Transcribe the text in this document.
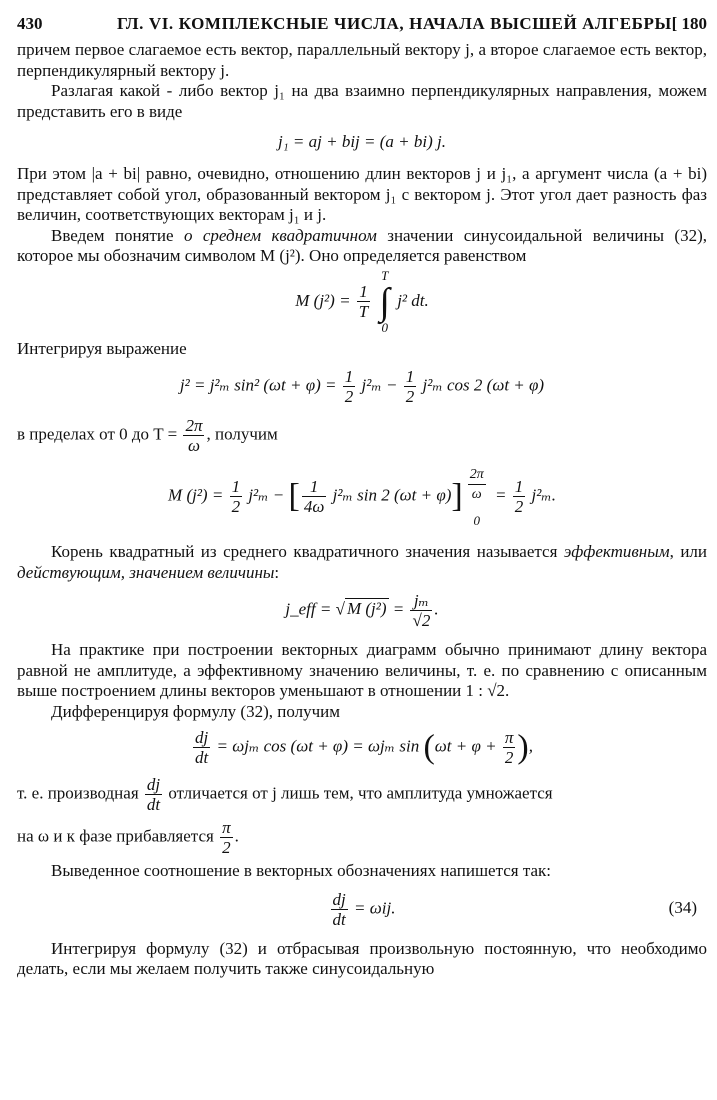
430	ГЛ. VI. КОМПЛЕКСНЫЕ ЧИСЛА, НАЧАЛА ВЫСШЕЙ АЛГЕБРЫ [ 180

причем первое слагаемое есть вектор, параллельный вектору j, а второе слагаемое есть вектор, перпендикулярный вектору j.

Разлагая какой - либо вектор j₁ на два взаимно перпендикулярных направления, можем представить его в виде

j₁ = aj + bij = (a + bi) j.

При этом |a + bi| равно, очевидно, отношению длин векторов j и j₁, а аргумент числа (a + bi) представляет собой угол, образованный вектором j₁ с вектором j. Этот угол дает разность фаз величин, соответствующих векторам j₁ и j.

Введем понятие о среднем квадратичном значении синусоидальной величины (32), которое мы обозначим символом M (j²). Оно определяется равенством

M $(j^2) = \frac{1}{T}$

T
∫
0
j² dt.

Интегрируя выражение

j² = j²ₘ sin² $(\omega t + \varphi) = \frac{1}{2} j^2_m - \frac{1}{2} j^2_m$ cos 2 (ωt + φ)

в пределах от 0 до $T = \frac{2\pi}{\omega}$ , получим

M $(j^2) = \frac{1}{2} j^2_m$ − [ $\frac{1}{4\omega} j^2_m$ sin 2 $(\omega t + \varphi)] \frac{2\pi}{\omega}$
0
= $\frac{1}{2} j^2_m$.

Корень квадратный из среднего квадратичного значения называется эффективным, или действующим, значением величины:

j_eff = √ M $(j^2) = \frac{\text{jₘ}}{√2}$ .

На практике при построении векторных диаграмм обычно принимают длину вектора равной не амплитуде, а эффективному значению величины, т. е. по сравнению с описанным выше построением длины векторов уменьшают в отношении 1 : √2.

Дифференцируя формулу (32), получим

$\frac{dj}{dt} = \omega j_m$ cos (ωt + φ) = ωjₘ $\sin (\omega t + \varphi + \frac{\pi}{2}$ ),

т. е. производная $\frac{dj}{dt}$ отличается от j лишь тем, что амплитуда умножается

на ω и к фазе прибавляется $\frac{\pi}{2}$ .

Выведенное соотношение в векторных обозначениях напишется так:

$\frac{dj}{dt} = \omega ij$.	(34)

Интегрируя формулу (32) и отбрасывая произвольную постоянную, что необходимо делать, если мы желаем получить также синусоидальную
